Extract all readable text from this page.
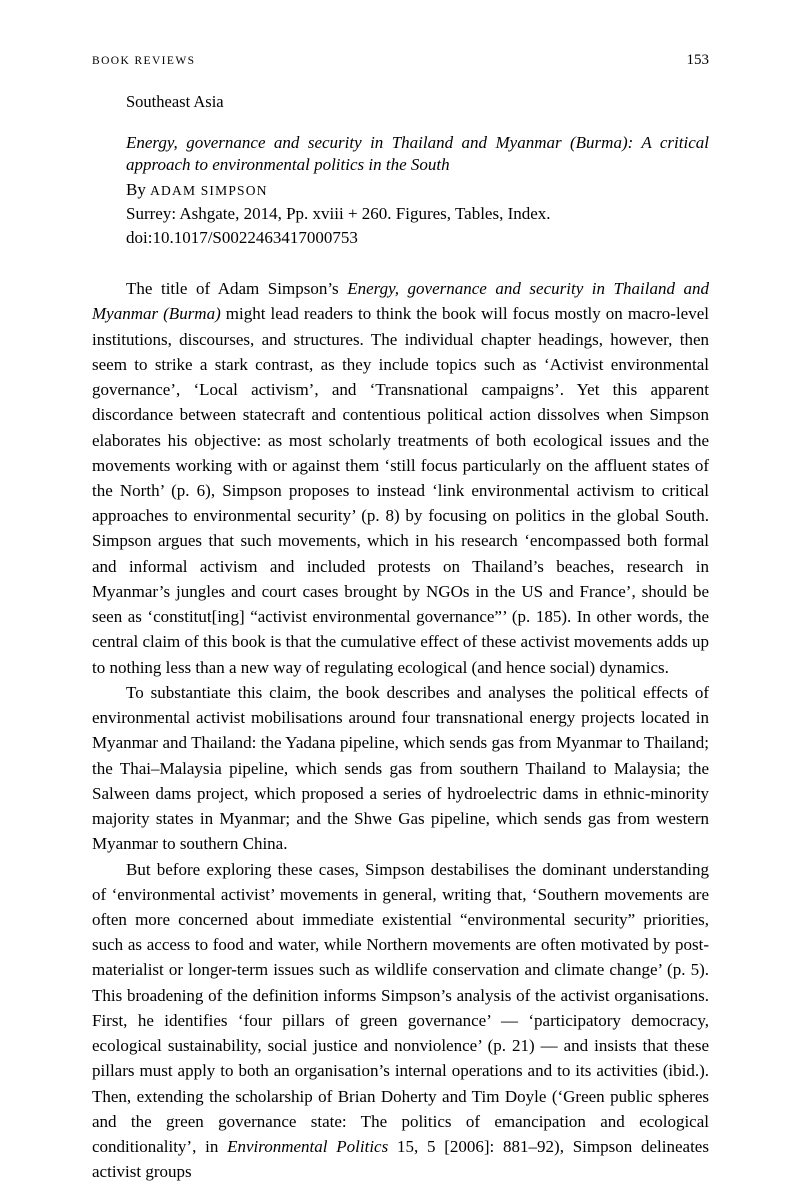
BOOK REVIEWS	153
Southeast Asia
Energy, governance and security in Thailand and Myanmar (Burma): A critical approach to environmental politics in the South
By ADAM SIMPSON
Surrey: Ashgate, 2014, Pp. xviii + 260. Figures, Tables, Index.
doi:10.1017/S0022463417000753

The title of Adam Simpson’s Energy, governance and security in Thailand and Myanmar (Burma) might lead readers to think the book will focus mostly on macro-level institutions, discourses, and structures. The individual chapter headings, however, then seem to strike a stark contrast, as they include topics such as ‘Activist environmental governance’, ‘Local activism’, and ‘Transnational campaigns’. Yet this apparent discordance between statecraft and contentious political action dissolves when Simpson elaborates his objective: as most scholarly treatments of both ecological issues and the movements working with or against them ‘still focus particularly on the affluent states of the North’ (p. 6), Simpson proposes to instead ‘link environmental activism to critical approaches to environmental security’ (p. 8) by focusing on politics in the global South. Simpson argues that such movements, which in his research ‘encompassed both formal and informal activism and included protests on Thailand’s beaches, research in Myanmar’s jungles and court cases brought by NGOs in the US and France’, should be seen as ‘constitut[ing] “activist environmental governance”’ (p. 185). In other words, the central claim of this book is that the cumulative effect of these activist movements adds up to nothing less than a new way of regulating ecological (and hence social) dynamics.

To substantiate this claim, the book describes and analyses the political effects of environmental activist mobilisations around four transnational energy projects located in Myanmar and Thailand: the Yadana pipeline, which sends gas from Myanmar to Thailand; the Thai–Malaysia pipeline, which sends gas from southern Thailand to Malaysia; the Salween dams project, which proposed a series of hydroelectric dams in ethnic-minority majority states in Myanmar; and the Shwe Gas pipeline, which sends gas from western Myanmar to southern China.

But before exploring these cases, Simpson destabilises the dominant understanding of ‘environmental activist’ movements in general, writing that, ‘Southern movements are often more concerned about immediate existential “environmental security” priorities, such as access to food and water, while Northern movements are often motivated by post-materialist or longer-term issues such as wildlife conservation and climate change’ (p. 5). This broadening of the definition informs Simpson’s analysis of the activist organisations. First, he identifies ‘four pillars of green governance’ — ‘participatory democracy, ecological sustainability, social justice and nonviolence’ (p. 21) — and insists that these pillars must apply to both an organisation’s internal operations and to its activities (ibid.). Then, extending the scholarship of Brian Doherty and Tim Doyle (‘Green public spheres and the green governance state: The politics of emancipation and ecological conditionality’, in Environmental Politics 15, 5 [2006]: 881–92), Simpson delineates activist groups
